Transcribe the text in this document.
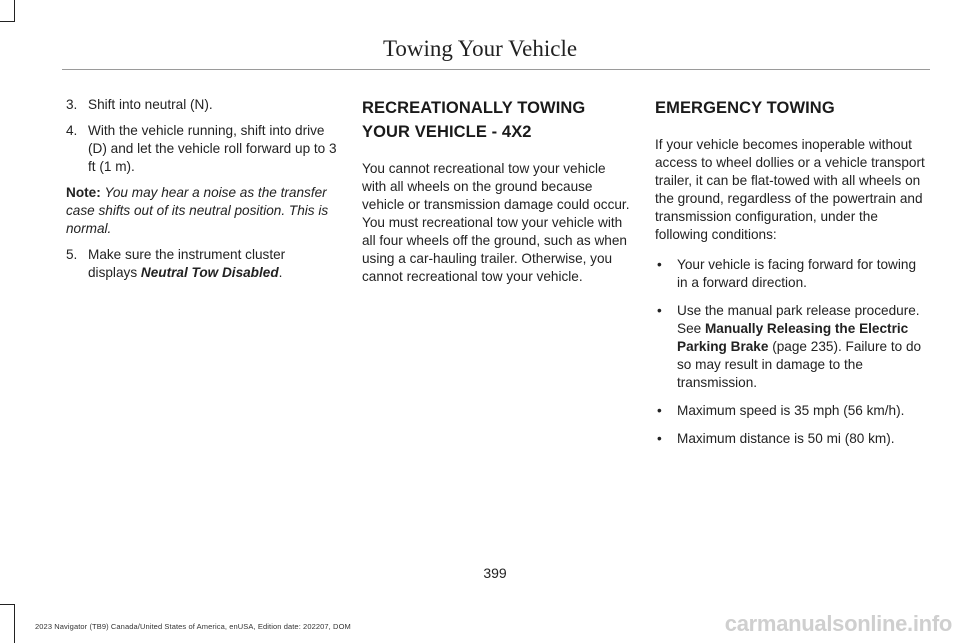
Towing Your Vehicle
3. Shift into neutral (N).
4. With the vehicle running, shift into drive (D) and let the vehicle roll forward up to 3 ft (1 m).
Note: You may hear a noise as the transfer case shifts out of its neutral position. This is normal.
5. Make sure the instrument cluster displays Neutral Tow Disabled.
RECREATIONALLY TOWING YOUR VEHICLE - 4X2

You cannot recreational tow your vehicle with all wheels on the ground because vehicle or transmission damage could occur. You must recreational tow your vehicle with all four wheels off the ground, such as when using a car-hauling trailer. Otherwise, you cannot recreational tow your vehicle.

EMERGENCY TOWING

If your vehicle becomes inoperable without access to wheel dollies or a vehicle transport trailer, it can be flat-towed with all wheels on the ground, regardless of the powertrain and transmission configuration, under the following conditions:

• Your vehicle is facing forward for towing in a forward direction.
• Use the manual park release procedure. See Manually Releasing the Electric Parking Brake (page 235). Failure to do so may result in damage to the transmission.
• Maximum speed is 35 mph (56 km/h).
• Maximum distance is 50 mi (80 km).
399
2023 Navigator (TB9) Canada/United States of America, enUSA, Edition date: 202207, DOM	carmanualsonline.info
